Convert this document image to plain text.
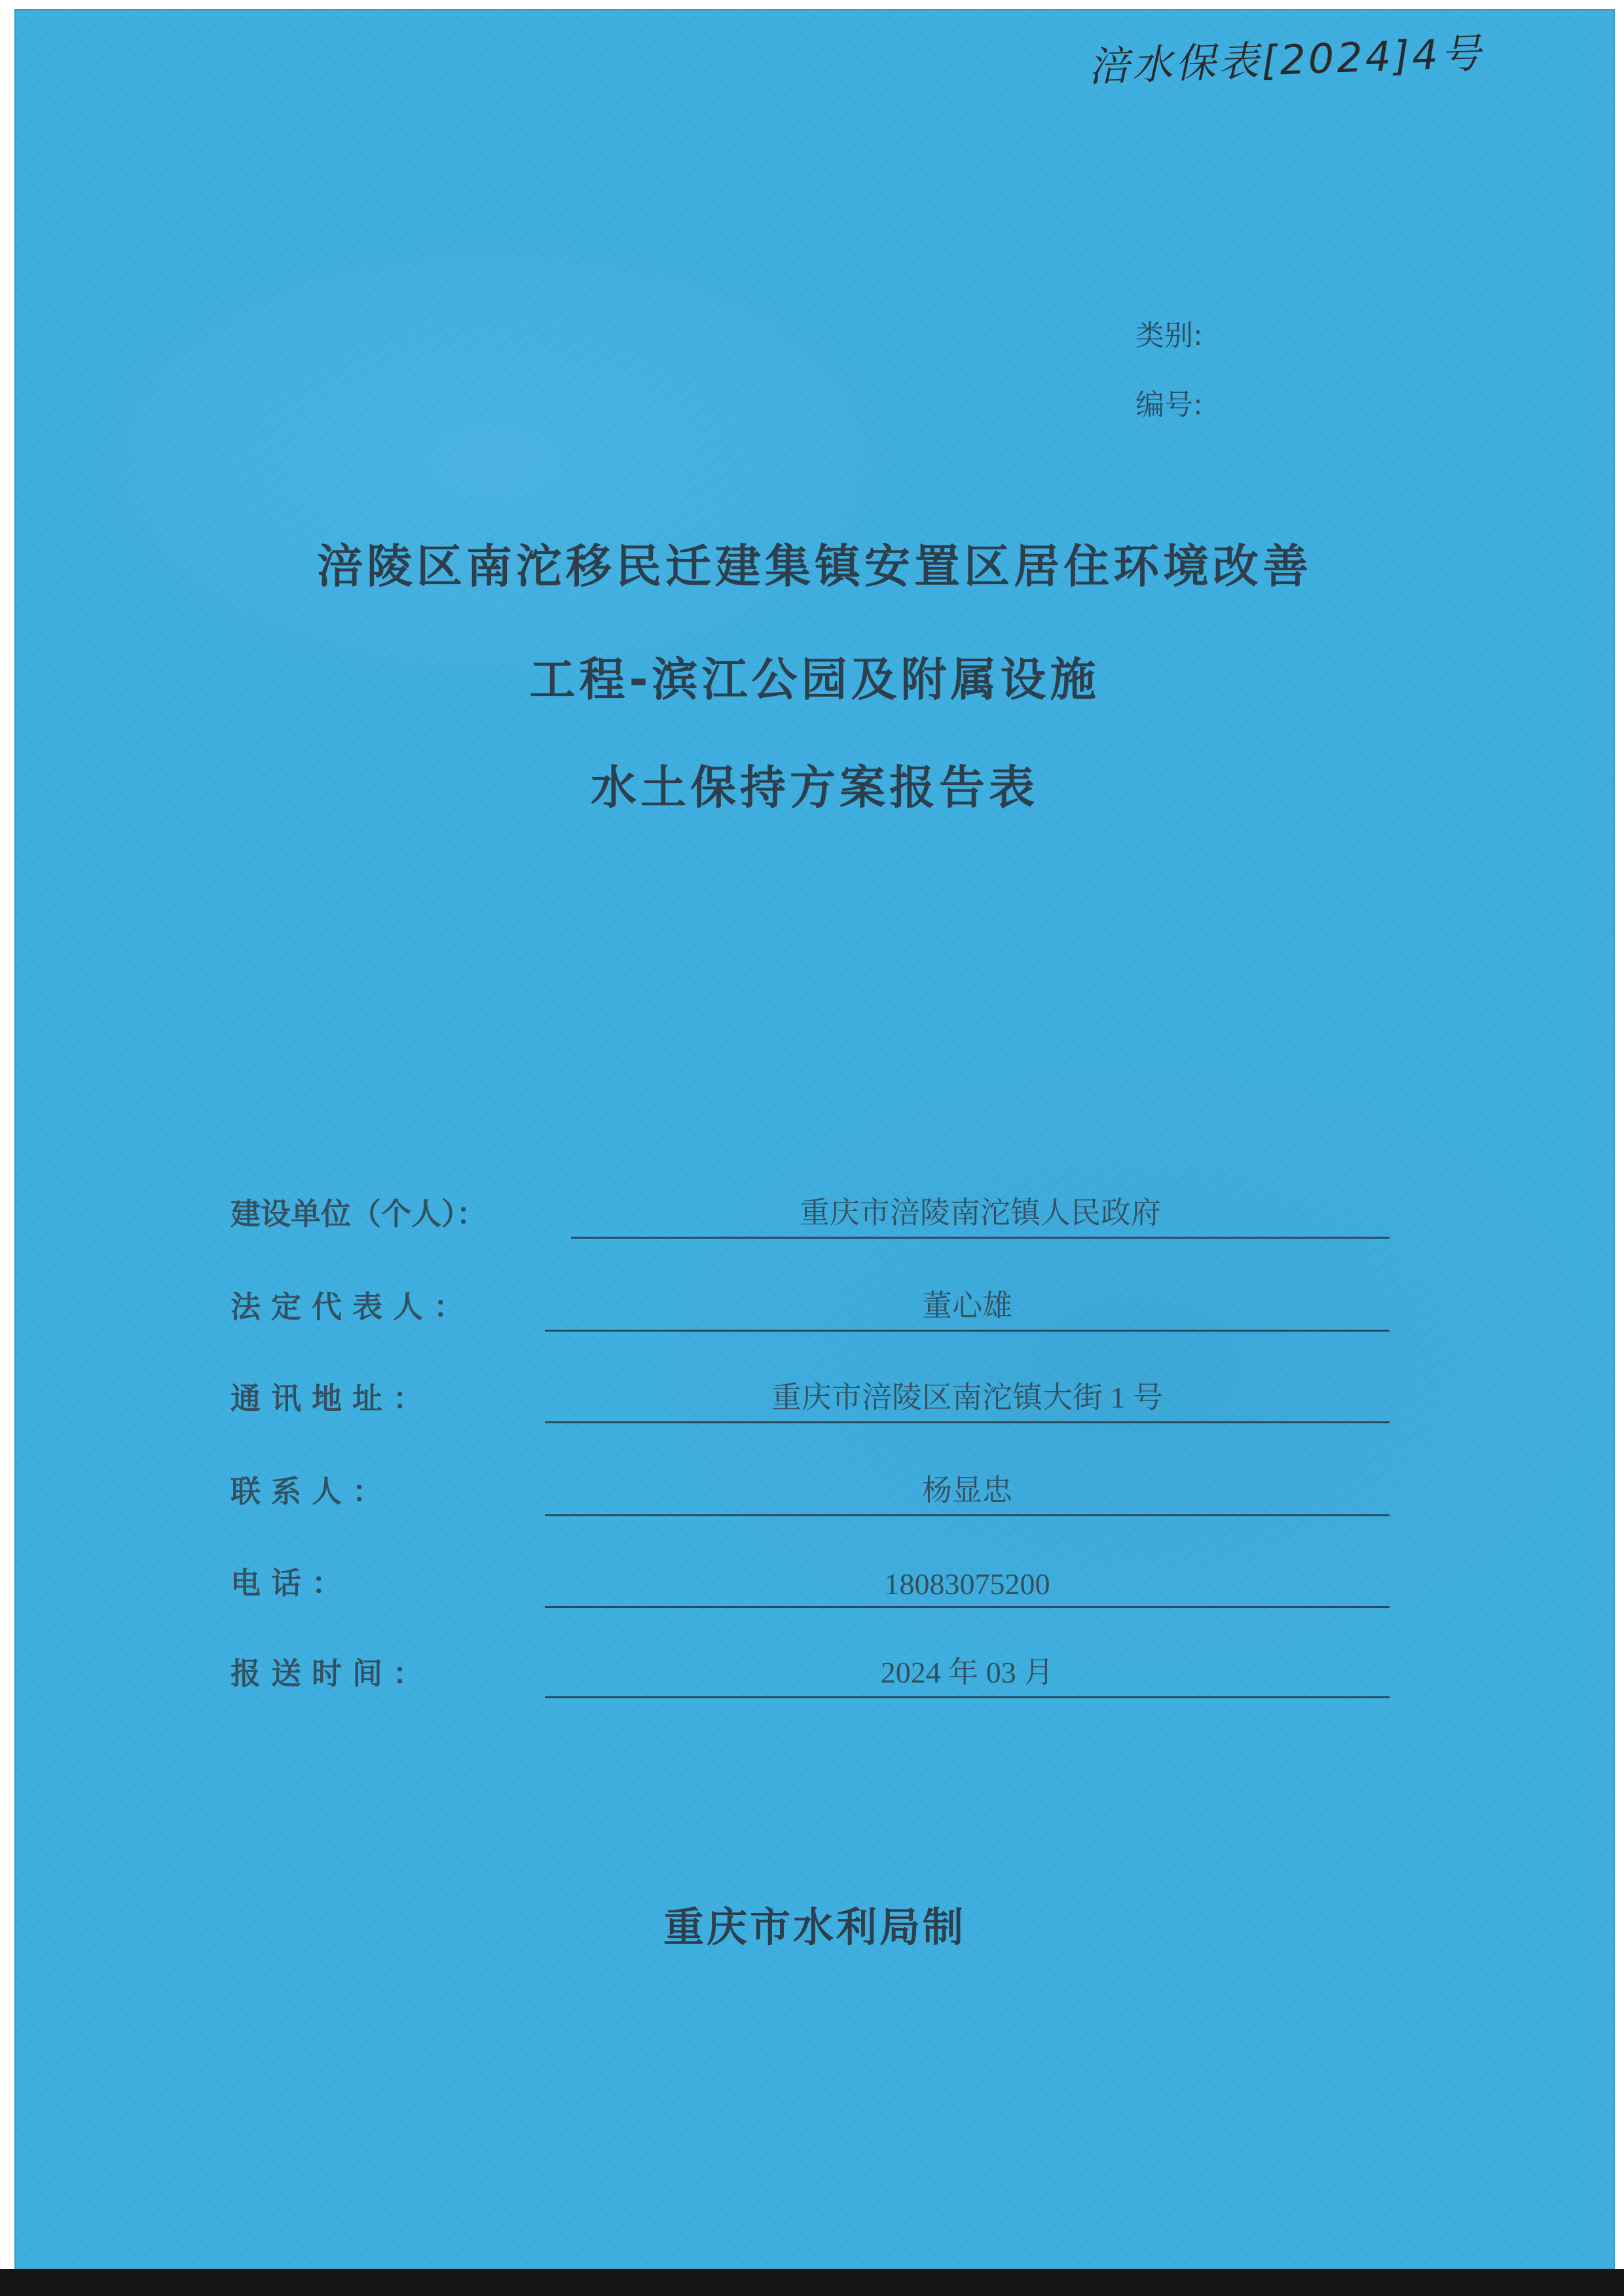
涪水保表[2024]4号
类别:
编号:
涪陵区南沱移民迁建集镇安置区居住环境改善
工程-滨江公园及附属设施
水土保持方案报告表
建设单位（个人）：	重庆市涪陵南沱镇人民政府
法 定 代 表 人 ：	董心雄
通 讯 地 址 ：	重庆市涪陵区南沱镇大街 1 号
联 系 人 ：	杨显忠
电 话 ：	18083075200
报 送 时 间 ：	2024 年 03 月
重庆市水利局制
